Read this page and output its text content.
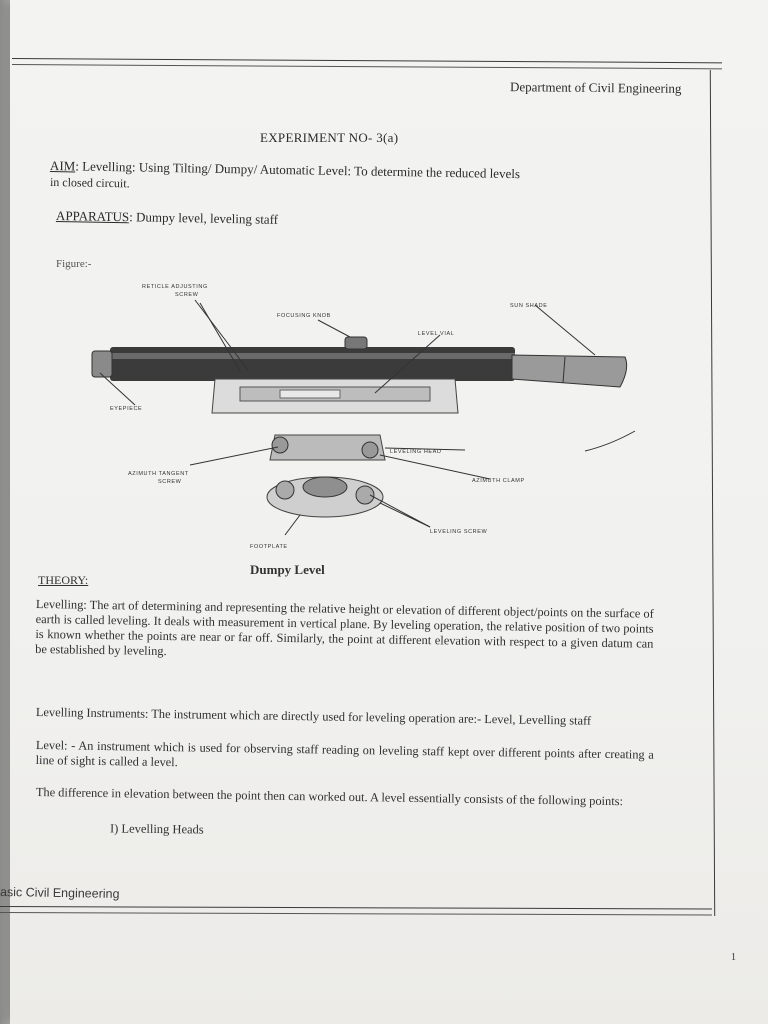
Department of Civil Engineering
EXPERIMENT NO- 3(a)
AIM: Levelling: Using Tilting/ Dumpy/ Automatic Level: To determine the reduced levels
in closed circuit.
APPARATUS: Dumpy level, leveling staff
Figure:-
RETICLE ADJUSTING
SCREW
FOCUSING KNOB
SUN SHADE
LEVEL VIAL
EYEPIECE
LEVELING HEAD
AZIMUTH TANGENT
SCREW	AZIMUTH CLAMP
LEVELING SCREW
FOOTPLATE
Dumpy Level
THEORY:
Levelling: The art of determining and representing the relative height or elevation of different object/points on the surface of earth is called leveling. It deals with measurement in vertical plane. By leveling operation, the relative position of two points is known whether the points are near or far off. Similarly, the point at different elevation with respect to a given datum can be established by leveling.
Levelling Instruments: The instrument which are directly used for leveling operation are:- Level, Levelling staff
Level: - An instrument which is used for observing staff reading on leveling staff kept over different points after creating a line of sight is called a level.
The difference in elevation between the point then can worked out. A level essentially consists of the following points:
I) Levelling Heads
asic Civil Engineering
1
